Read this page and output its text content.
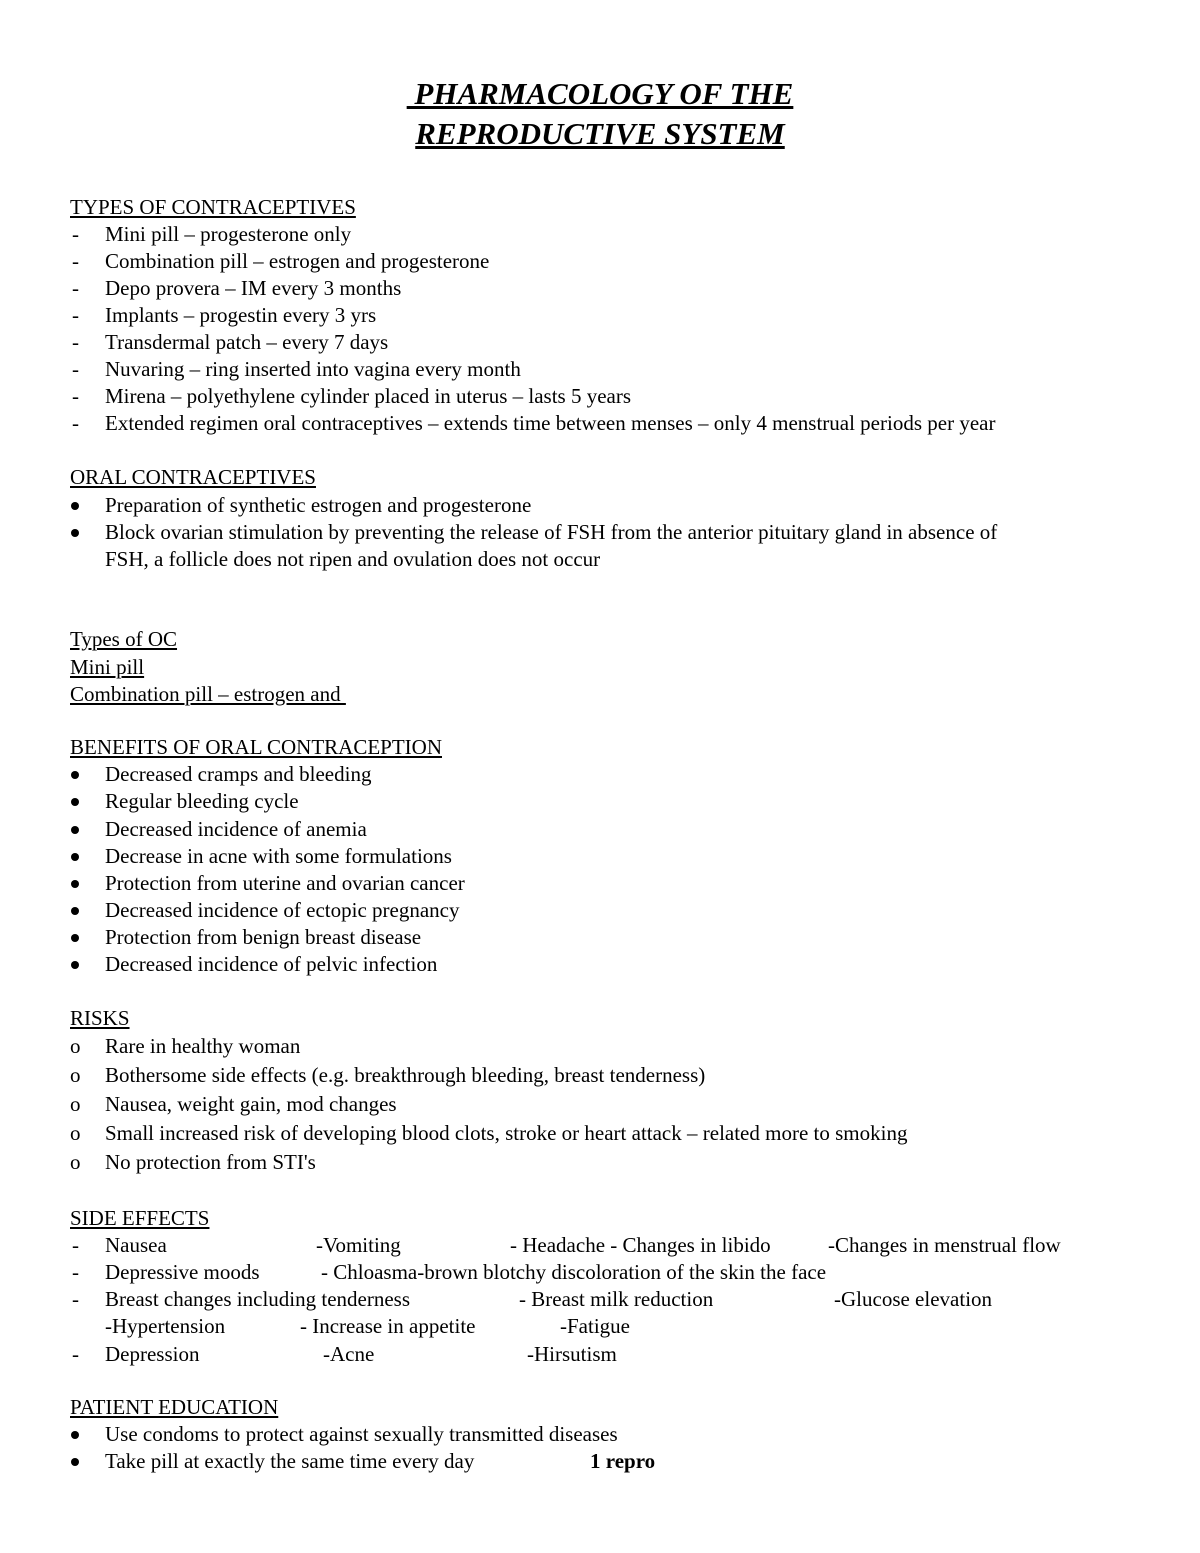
PHARMACOLOGY OF THE
REPRODUCTIVE SYSTEM
TYPES OF CONTRACEPTIVES
-	Mini pill – progesterone only
-	Combination pill – estrogen and progesterone
-	Depo provera – IM every 3 months
-	Implants – progestin every 3 yrs
-	Transdermal patch – every 7 days
-	Nuvaring – ring inserted into vagina every month
-	Mirena – polyethylene cylinder placed in uterus – lasts 5 years
-	Extended regimen oral contraceptives – extends time between menses – only 4 menstrual periods per year
ORAL CONTRACEPTIVES
Preparation of synthetic estrogen and progesterone
Block ovarian stimulation by preventing the release of FSH from the anterior pituitary gland in absence of
FSH, a follicle does not ripen and ovulation does not occur
Types of OC
Mini pill
Combination pill – estrogen and
BENEFITS OF ORAL CONTRACEPTION
Decreased cramps and bleeding
Regular bleeding cycle
Decreased incidence of anemia
Decrease in acne with some formulations
Protection from uterine and ovarian cancer
Decreased incidence of ectopic pregnancy
Protection from benign breast disease
Decreased incidence of pelvic infection
RISKS
o	Rare in healthy woman
o	Bothersome side effects (e.g. breakthrough bleeding, breast tenderness)
o	Nausea, weight gain, mod changes
o	Small increased risk of developing blood clots, stroke or heart attack – related more to smoking
o	No protection from STI's
SIDE EFFECTS
-	Nausea	-Vomiting	- Headache - Changes in libido	-Changes in menstrual flow
-	Depressive moods	- Chloasma-brown blotchy discoloration of the skin the face
-	Breast changes including tenderness	- Breast milk reduction	-Glucose elevation
-Hypertension	- Increase in appetite	-Fatigue
-	Depression	-Acne	-Hirsutism
PATIENT EDUCATION
Use condoms to protect against sexually transmitted diseases
Take pill at exactly the same time every day	1 repro
